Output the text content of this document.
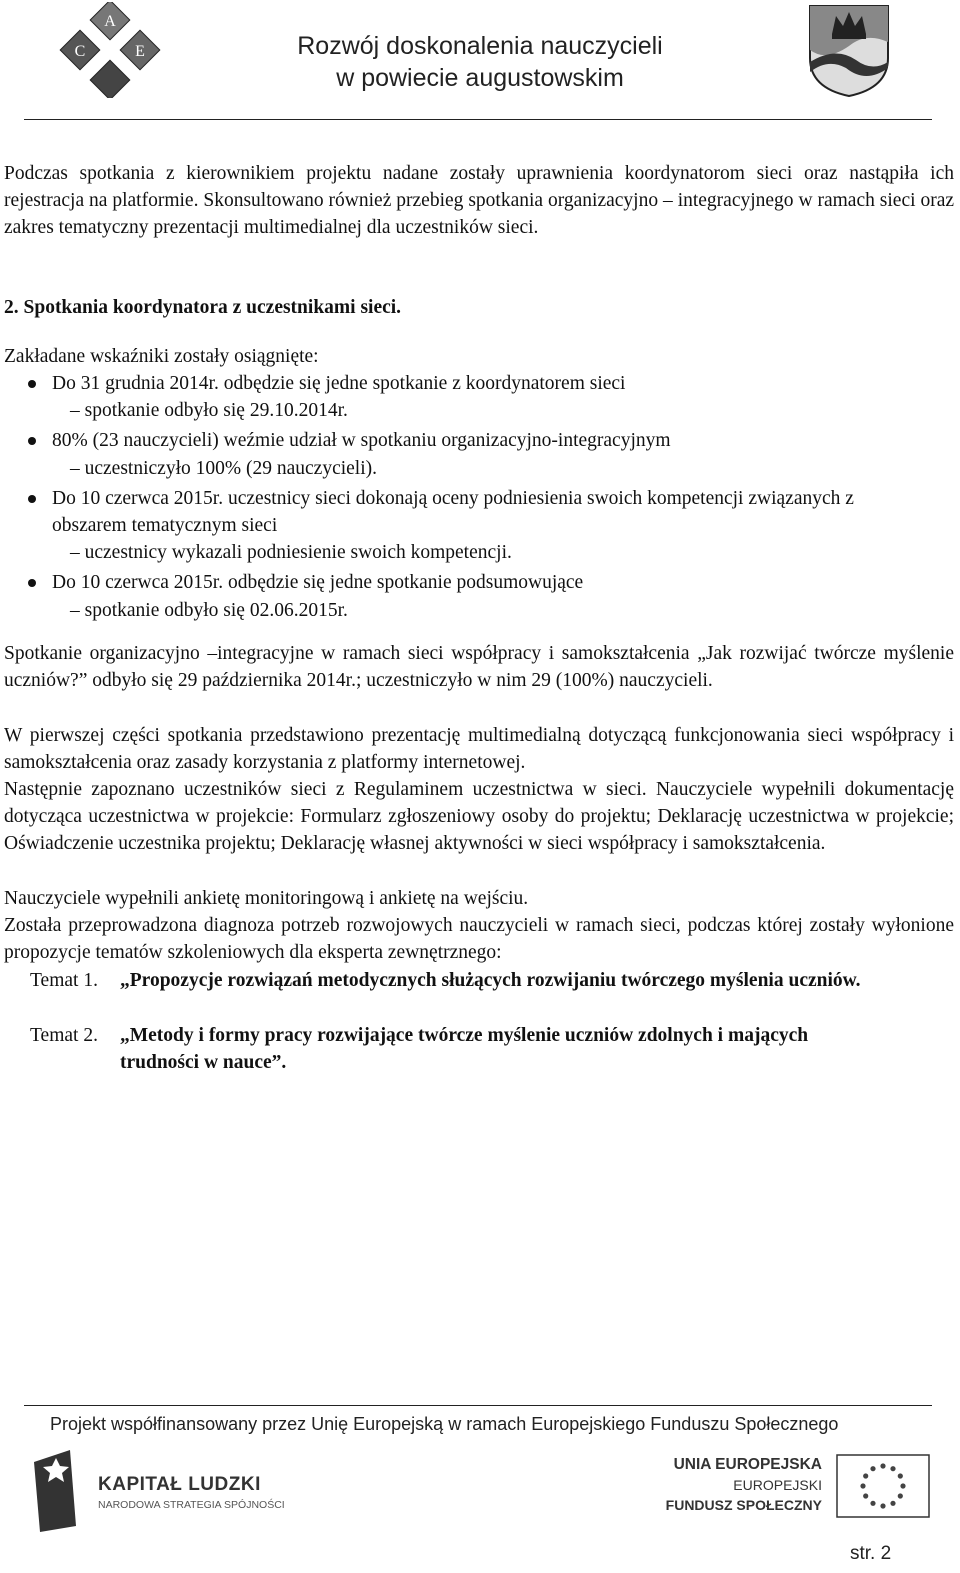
C
A
E	Rozwój doskonalenia nauczycieli
w powiecie augustowskim
Podczas spotkania z kierownikiem projektu nadane zostały uprawnienia koordynatorom sieci oraz nastąpiła ich rejestracja na platformie. Skonsultowano również przebieg spotkania organizacyjno – integracyjnego w ramach sieci oraz zakres tematyczny prezentacji multimedialnej dla uczestników sieci.
2. Spotkania koordynatora z uczestnikami sieci.
Zakładane wskaźniki zostały osiągnięte:
Do 31 grudnia 2014r. odbędzie się jedne spotkanie z koordynatorem sieci
– spotkanie odbyło się 29.10.2014r.
80% (23 nauczycieli) weźmie udział w spotkaniu organizacyjno-integracyjnym
– uczestniczyło 100% (29 nauczycieli).
Do 10 czerwca 2015r. uczestnicy sieci dokonają oceny podniesienia swoich kompetencji związanych z obszarem tematycznym sieci
– uczestnicy wykazali podniesienie swoich kompetencji.
Do 10 czerwca 2015r. odbędzie się jedne spotkanie podsumowujące
– spotkanie odbyło się 02.06.2015r.
Spotkanie organizacyjno –integracyjne w ramach sieci współpracy i samokształcenia „Jak rozwijać twórcze myślenie uczniów?” odbyło się 29 października 2014r.; uczestniczyło w nim 29 (100%) nauczycieli.
W pierwszej części spotkania przedstawiono prezentację multimedialną dotyczącą funkcjonowania sieci współpracy i samokształcenia oraz zasady korzystania z platformy internetowej.
Następnie zapoznano uczestników sieci z Regulaminem uczestnictwa w sieci. Nauczyciele wypełnili dokumentację dotycząca uczestnictwa w projekcie: Formularz zgłoszeniowy osoby do projektu; Deklarację uczestnictwa w projekcie; Oświadczenie uczestnika projektu; Deklarację własnej aktywności w sieci współpracy i samokształcenia.
Nauczyciele wypełnili ankietę monitoringową i ankietę na wejściu.
Została przeprowadzona diagnoza potrzeb rozwojowych nauczycieli w ramach sieci, podczas której zostały wyłonione propozycje tematów szkoleniowych dla eksperta zewnętrznego:
Temat 1. „Propozycje rozwiązań metodycznych służących rozwijaniu twórczego myślenia uczniów.
Temat 2. „Metody i formy pracy rozwijające twórcze myślenie uczniów zdolnych i mających trudności w nauce”.
Projekt współfinansowany przez Unię Europejską w ramach Europejskiego Funduszu Społecznego
KAPITAŁ LUDZKI
NARODOWA STRATEGIA SPÓJNOŚCI
UNIA EUROPEJSKA
EUROPEJSKI
FUNDUSZ SPOŁECZNY
str. 2
